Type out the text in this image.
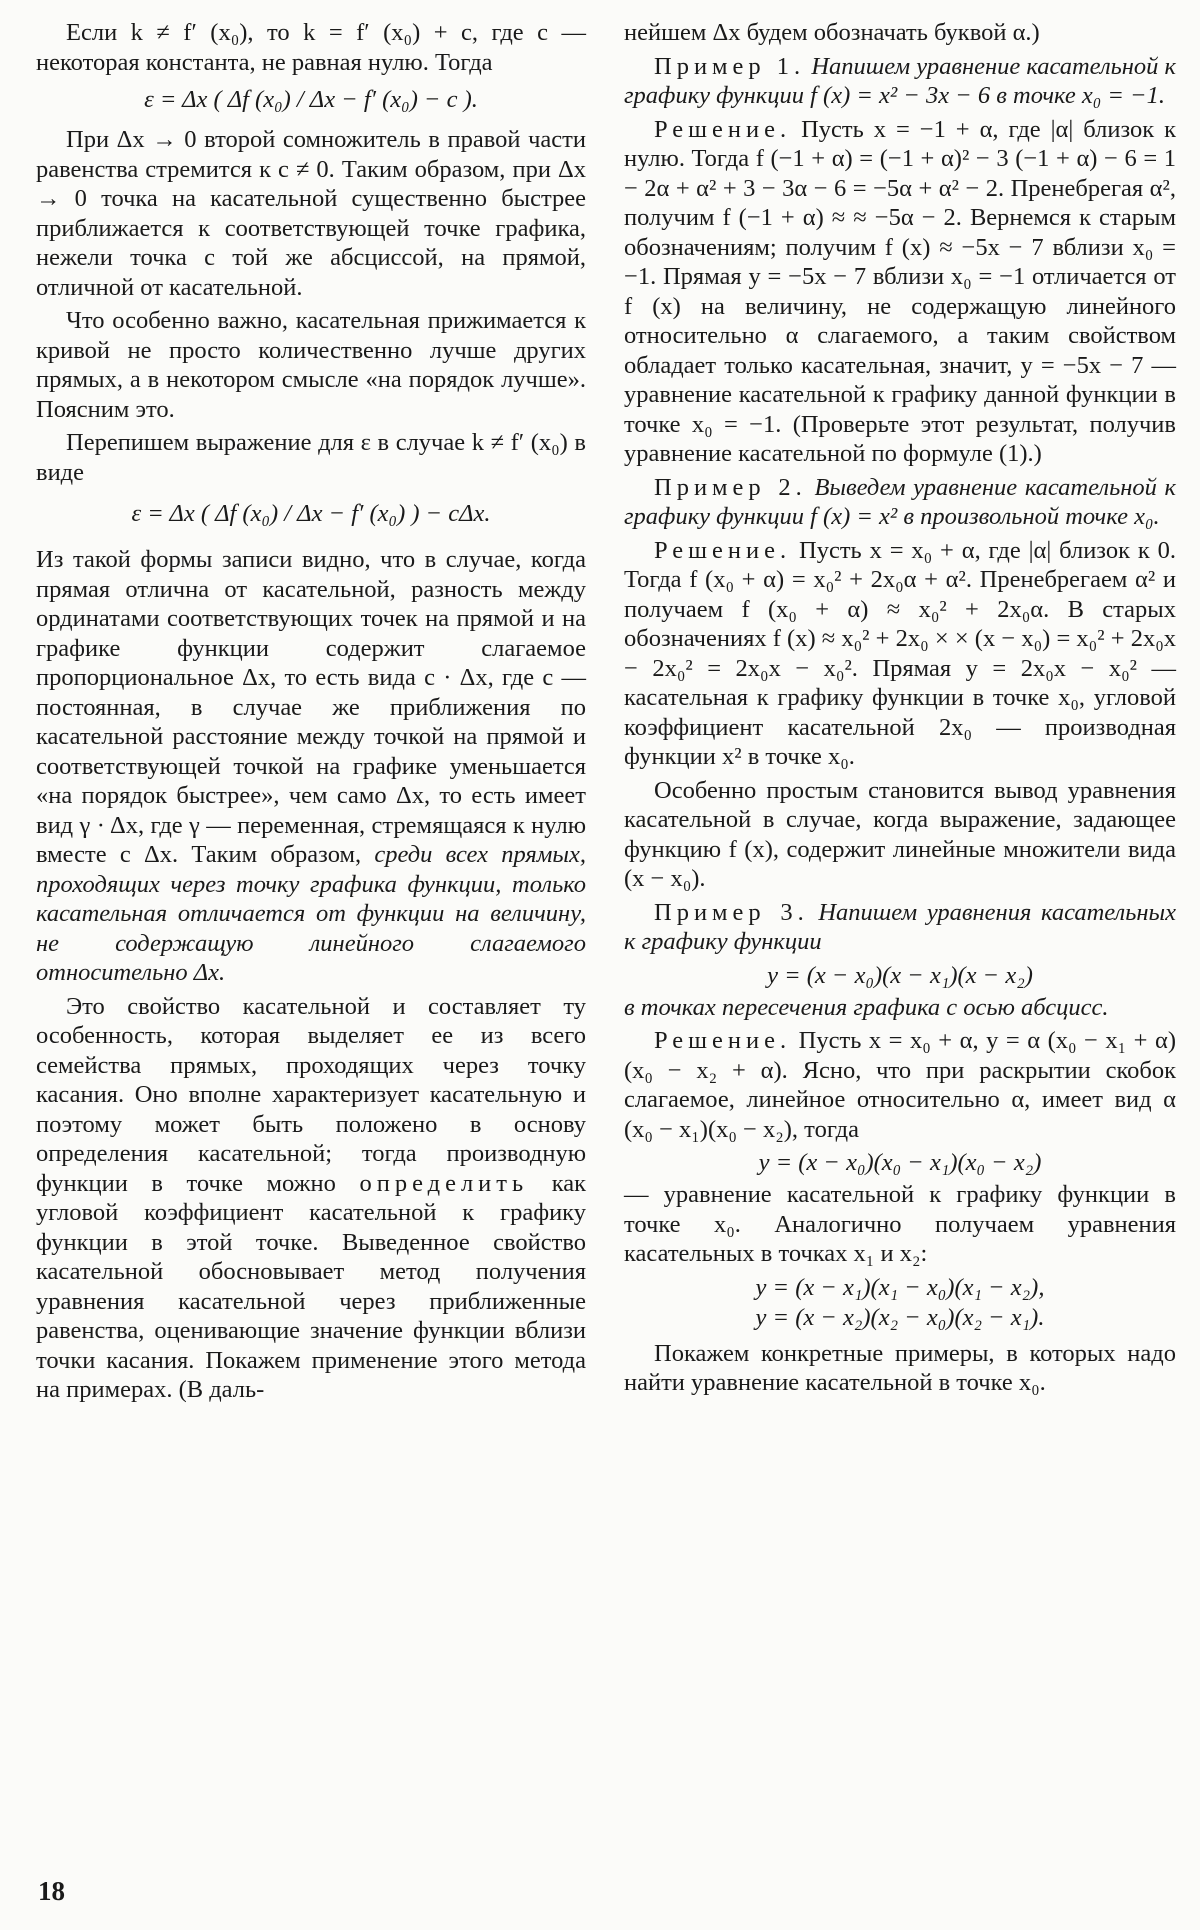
Если k ≠ f′ (x₀), то k = f′ (x₀) + c, где c — некоторая константа, не равная нулю. Тогда

ε = Δx ( Δf (x₀) / Δx − f′ (x₀) − c ).

При Δx → 0 второй сомножитель в правой части равенства стремится к c ≠ 0. Таким образом, при Δx → 0 точка на касательной существенно быстрее приближается к соответствующей точке графика, нежели точка с той же абсциссой, на прямой, отличной от касательной.

Что особенно важно, касательная прижимается к кривой не просто количественно лучше других прямых, а в некотором смысле «на порядок лучше». Поясним это.

Перепишем выражение для ε в случае k ≠ f′ (x₀) в виде

ε = Δx ( Δf (x₀) / Δx − f′ (x₀) ) − cΔx.

Из такой формы записи видно, что в случае, когда прямая отлична от касательной, разность между ординатами соответствующих точек на прямой и на графике функции содержит слагаемое пропорциональное Δx, то есть вида c · Δx, где c — постоянная, в случае же приближения по касательной расстояние между точкой на прямой и соответствующей точкой на графике уменьшается «на порядок быстрее», чем само Δx, то есть имеет вид γ · Δx, где γ — переменная, стремящаяся к нулю вместе с Δx. Таким образом, среди всех прямых, проходящих через точку графика функции, только касательная отличается от функции на величину, не содержащую линейного слагаемого относительно Δx.

Это свойство касательной и составляет ту особенность, которая выделяет ее из всего семейства прямых, проходящих через точку касания. Оно вполне характеризует касательную и поэтому может быть положено в основу определения касательной; тогда производную функции в точке можно определить как угловой коэффициент касательной к графику функции в этой точке. Выведенное свойство касательной обосновывает метод получения уравнения касательной через приближенные равенства, оценивающие значение функции вблизи точки касания. Покажем применение этого метода на примерах. (В даль-

нейшем Δx будем обозначать буквой α.)

Пример 1. Напишем уравнение касательной к графику функции f (x) = x² − 3x − 6 в точке x₀ = −1.

Решение. Пусть x = −1 + α, где |α| близок к нулю. Тогда f (−1 + α) = (−1 + α)² − 3 (−1 + α) − 6 = 1 − 2α + α² + 3 − 3α − 6 = −5α + α² − 2. Пренебрегая α², получим f (−1 + α) ≈ ≈ −5α − 2. Вернемся к старым обозначениям; получим f (x) ≈ −5x − 7 вблизи x₀ = −1. Прямая y = −5x − 7 вблизи x₀ = −1 отличается от f (x) на величину, не содержащую линейного относительно α слагаемого, а таким свойством обладает только касательная, значит, y = −5x − 7 — уравнение касательной к графику данной функции в точке x₀ = −1. (Проверьте этот результат, получив уравнение касательной по формуле (1).)

Пример 2. Выведем уравнение касательной к графику функции f (x) = x² в произвольной точке x₀.

Решение. Пусть x = x₀ + α, где |α| близок к 0. Тогда f (x₀ + α) = x₀² + 2x₀α + α². Пренебрегаем α² и получаем f (x₀ + α) ≈ x₀² + 2x₀α. В старых обозначениях f (x) ≈ x₀² + 2x₀ × × (x − x₀) = x₀² + 2x₀x − 2x₀² = 2x₀x − x₀². Прямая y = 2x₀x − x₀² — касательная к графику функции в точке x₀, угловой коэффициент касательной 2x₀ — производная функции x² в точке x₀.

Особенно простым становится вывод уравнения касательной в случае, когда выражение, задающее функцию f (x), содержит линейные множители вида (x − x₀).

Пример 3. Напишем уравнения касательных к графику функции

y = (x − x₀)(x − x₁)(x − x₂)

в точках пересечения графика с осью абсцисс.

Решение. Пусть x = x₀ + α, y = α (x₀ − x₁ + α)(x₀ − x₂ + α). Ясно, что при раскрытии скобок слагаемое, линейное относительно α, имеет вид α (x₀ − x₁)(x₀ − x₂), тогда

y = (x − x₀)(x₀ − x₁)(x₀ − x₂)

— уравнение касательной к графику функции в точке x₀. Аналогично получаем уравнения касательных в точках x₁ и x₂:

y = (x − x₁)(x₁ − x₀)(x₁ − x₂),
y = (x − x₂)(x₂ − x₀)(x₂ − x₁).

Покажем конкретные примеры, в которых надо найти уравнение касательной в точке x₀.

18
